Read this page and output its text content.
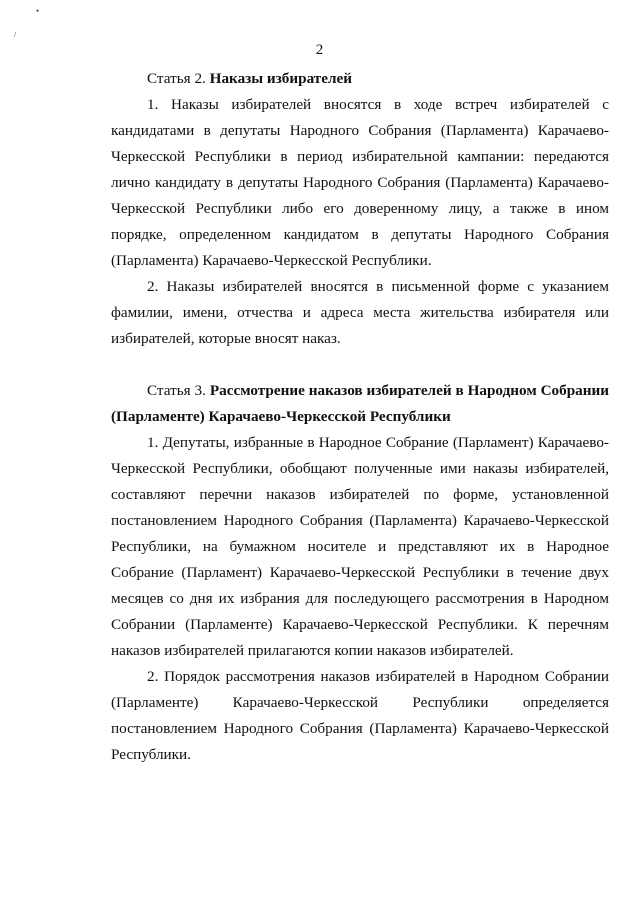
•
/
2

Статья 2. Наказы избирателей

1. Наказы избирателей вносятся в ходе встреч избирателей с кандидатами в депутаты Народного Собрания (Парламента) Карачаево-Черкесской Республики в период избирательной кампании: передаются лично кандидату в депутаты Народного Собрания (Парламента) Карачаево-Черкесской Республики либо его доверенному лицу, а также в ином порядке, определенном кандидатом в депутаты Народного Собрания (Парламента) Карачаево-Черкесской Республики.

2. Наказы избирателей вносятся в письменной форме с указанием фамилии, имени, отчества и адреса места жительства избирателя или избирателей, которые вносят наказ.

Статья 3. Рассмотрение наказов избирателей в Народном Собрании (Парламенте) Карачаево-Черкесской Республики

1. Депутаты, избранные в Народное Собрание (Парламент) Карачаево-Черкесской Республики, обобщают полученные ими наказы избирателей, составляют перечни наказов избирателей по форме, установленной постановлением Народного Собрания (Парламента) Карачаево-Черкесской Республики, на бумажном носителе и представляют их в Народное Собрание (Парламент) Карачаево-Черкесской Республики в течение двух месяцев со дня их избрания для последующего рассмотрения в Народном Собрании (Парламенте) Карачаево-Черкесской Республики. К перечням наказов избирателей прилагаются копии наказов избирателей.

2. Порядок рассмотрения наказов избирателей в Народном Собрании (Парламенте) Карачаево-Черкесской Республики определяется постановлением Народного Собрания (Парламента) Карачаево-Черкесской Республики.
